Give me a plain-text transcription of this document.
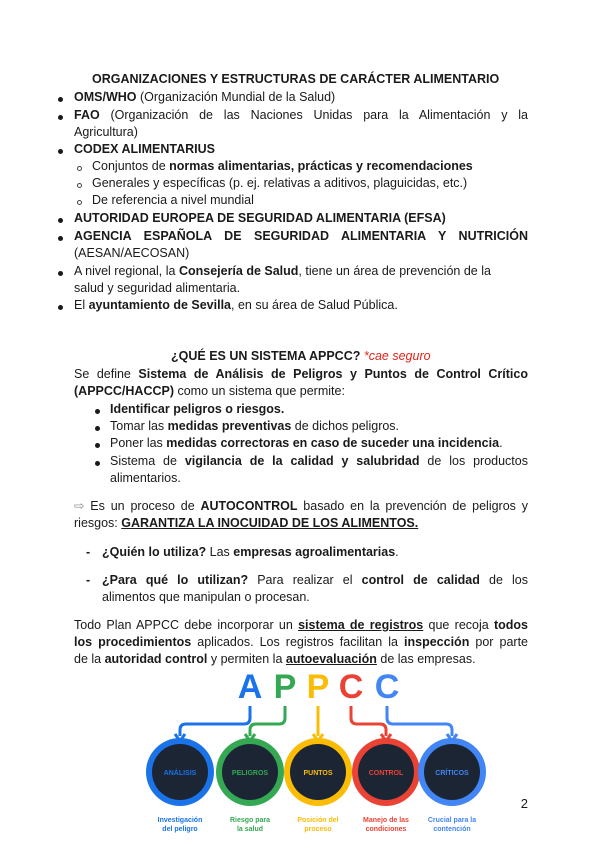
ORGANIZACIONES Y ESTRUCTURAS DE CARÁCTER ALIMENTARIO
OMS/WHO (Organización Mundial de la Salud)
FAO (Organización de las Naciones Unidas para la Alimentación y la
Agricultura)
CODEX ALIMENTARIUS
Conjuntos de normas alimentarias, prácticas y recomendaciones
Generales y específicas (p. ej. relativas a aditivos, plaguicidas, etc.)
De referencia a nivel mundial
AUTORIDAD EUROPEA DE SEGURIDAD ALIMENTARIA (EFSA)
AGENCIA ESPAÑOLA DE SEGURIDAD ALIMENTARIA Y NUTRICIÓN
(AESAN/AECOSAN)
A nivel regional, la Consejería de Salud, tiene un área de prevención de la
salud y seguridad alimentaria.
El ayuntamiento de Sevilla, en su área de Salud Pública.
¿QUÉ ES UN SISTEMA APPCC? *cae seguro
Se define Sistema de Análisis de Peligros y Puntos de Control Crítico
(APPCC/HACCP) como un sistema que permite:
Identificar peligros o riesgos.
Tomar las medidas preventivas de dichos peligros.
Poner las medidas correctoras en caso de suceder una incidencia.
Sistema de vigilancia de la calidad y salubridad de los productos
alimentarios.
⇨ Es un proceso de AUTOCONTROL basado en la prevención de peligros y
riesgos: GARANTIZA LA INOCUIDAD DE LOS ALIMENTOS.
- ¿Quién lo utiliza? Las empresas agroalimentarias.
- ¿Para qué lo utilizan? Para realizar el control de calidad de los
alimentos que manipulan o procesan.
Todo Plan APPCC debe incorporar un sistema de registros que recoja todos
los procedimientos aplicados. Los registros facilitan la inspección por parte
de la autoridad control y permiten la autoevaluación de las empresas.
A
ANÁLISIS
Investigación
del peligro
P
PELIGROS
Riesgo para
la salud
P
PUNTOS
Posición del
proceso
C
CONTROL
Manejo de las
condiciones
C
CRÍTICOS
Crucial para la
contención
2
